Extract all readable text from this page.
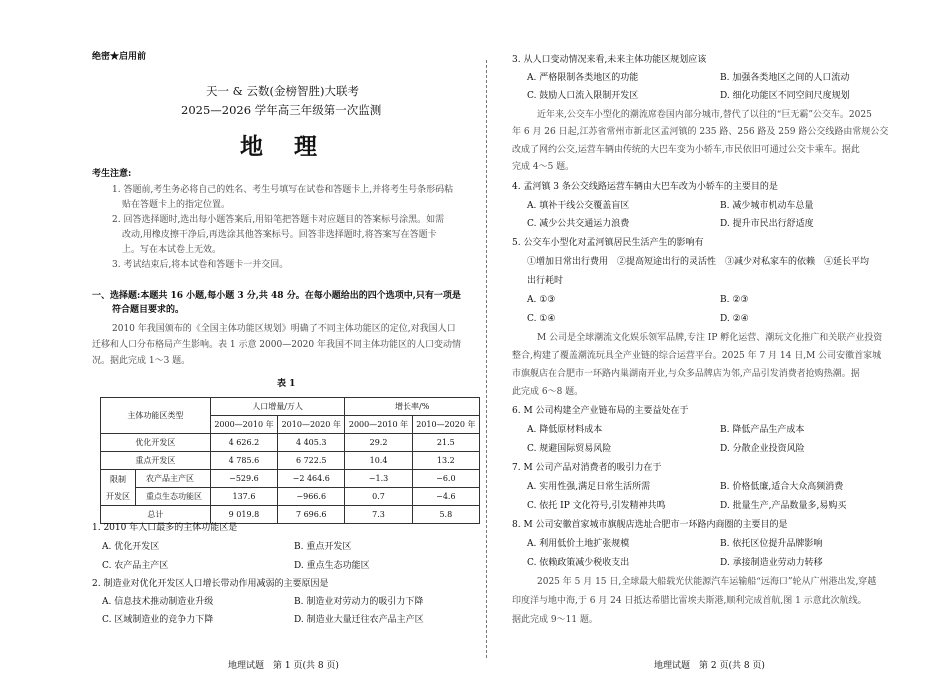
绝密★启用前
天一 & 云数(金榜智胜)大联考
2025—2026 学年高三年级第一次监测
地　理
考生注意:
1. 答题前,考生务必将自己的姓名、考生号填写在试卷和答题卡上,并将考生号条形码粘
贴在答题卡上的指定位置。
2. 回答选择题时,选出每小题答案后,用铅笔把答题卡对应题目的答案标号涂黑。如需
改动,用橡皮擦干净后,再选涂其他答案标号。回答非选择题时,将答案写在答题卡
上。写在本试卷上无效。
3. 考试结束后,将本试卷和答题卡一并交回。
一、选择题:本题共 16 小题,每小题 3 分,共 48 分。在每小题给出的四个选项中,只有一项是
符合题目要求的。
2010 年我国颁布的《全国主体功能区规划》明确了不同主体功能区的定位,对我国人口
迁移和人口分布格局产生影响。表 1 示意 2000—2020 年我国不同主体功能区的人口变动情
况。据此完成 1～3 题。
表 1
主体功能区类型		人口增量/万人		增长率/%	
		2000—2010 年	2010—2020 年	2000—2010 年	2010—2020 年
优化开发区		4 626.2	4 405.3	29.2	21.5
重点开发区		4 785.6	6 722.5	10.4	13.2

限制
开发区	农产品主产区	−529.6	−2 464.6	−1.3	−6.0
	重点生态功能区	137.6	−966.6	0.7	−4.6
总计		9 019.8	7 696.6	7.3	5.8
1. 2010 年人口最多的主体功能区是
A. 优化开发区	B. 重点开发区
C. 农产品主产区	D. 重点生态功能区
2. 制造业对优化开发区人口增长带动作用减弱的主要原因是
A. 信息技术推动制造业升级	B. 制造业对劳动力的吸引力下降
C. 区域制造业的竞争力下降	D. 制造业大量迁往农产品主产区
地理试题　第 1 页(共 8 页)
3. 从人口变动情况来看,未来主体功能区规划应该
A. 严格限制各类地区的功能	B. 加强各类地区之间的人口流动
C. 鼓励人口流入限制开发区	D. 细化功能区不同空间尺度规划
近年来,公交车小型化的潮流席卷国内部分城市,替代了以往的“巨无霸”公交车。2025
年 6 月 26 日起,江苏省常州市新北区孟河镇的 235 路、256 路及 259 路公交线路由常规公交
改成了网约公交,运营车辆由传统的大巴车变为小轿车,市民依旧可通过公交卡乘车。据此
完成 4～5 题。
4. 孟河镇 3 条公交线路运营车辆由大巴车改为小轿车的主要目的是
A. 填补干线公交覆盖盲区	B. 减少城市机动车总量
C. 减少公共交通运力浪费	D. 提升市民出行舒适度
5. 公交车小型化对孟河镇居民生活产生的影响有
①增加日常出行费用　②提高短途出行的灵活性　③减少对私家车的依赖　④延长平均
出行耗时
A. ①③	B. ②③
C. ①④	D. ②④
M 公司是全球潮流文化娱乐领军品牌,专注 IP 孵化运营、潮玩文化推广和关联产业投资
整合,构建了覆盖潮流玩具全产业链的综合运营平台。2025 年 7 月 14 日,M 公司安徽首家城
市旗舰店在合肥市一环路内巢湖南开业,与众多品牌店为邻,产品引发消费者抢购热潮。据
此完成 6～8 题。
6. M 公司构建全产业链布局的主要益处在于
A. 降低原材料成本	B. 降低产品生产成本
C. 规避国际贸易风险	D. 分散企业投资风险
7. M 公司产品对消费者的吸引力在于
A. 实用性强,满足日常生活所需	B. 价格低廉,适合大众高频消费
C. 依托 IP 文化符号,引发精神共鸣	D. 批量生产,产品数量多,易购买
8. M 公司安徽首家城市旗舰店选址合肥市一环路内商圈的主要目的是
A. 利用低价土地扩张规模	B. 依托区位提升品牌影响
C. 依赖政策减少税收支出	D. 承接制造业劳动力转移
2025 年 5 月 15 日,全球最大船载光伏能源汽车运输船“远海口”轮从广州港出发,穿越
印度洋与地中海,于 6 月 24 日抵达希腊比雷埃夫斯港,顺利完成首航,图 1 示意此次航线。
据此完成 9～11 题。
地理试题　第 2 页(共 8 页)
